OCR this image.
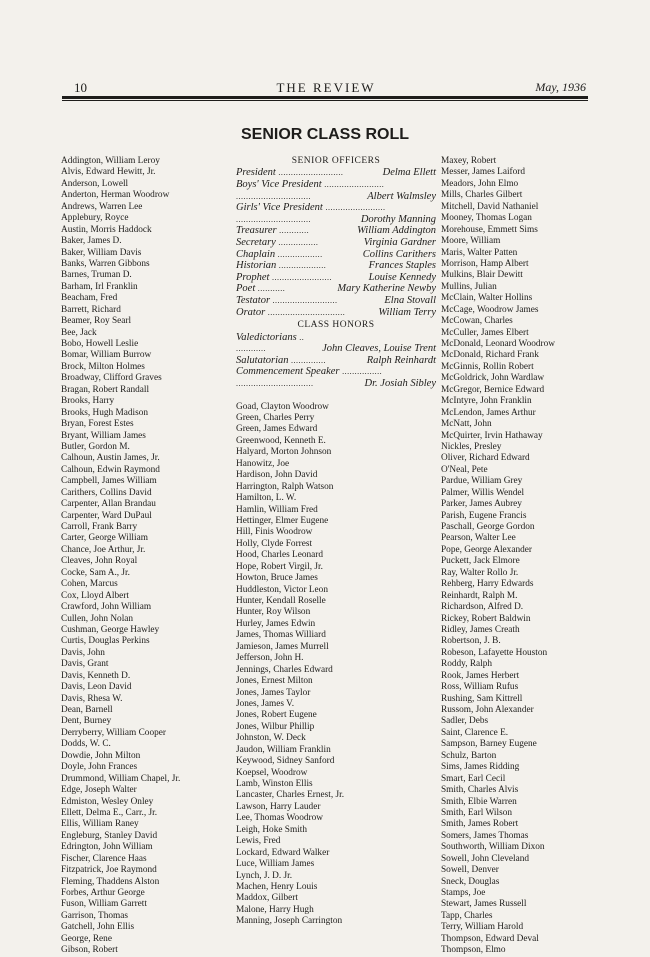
10	THE REVIEW	May, 1936
SENIOR CLASS ROLL
Addington, William Leroy
Alvis, Edward Hewitt, Jr.
Anderson, Lowell
Anderton, Herman Woodrow
Andrews, Warren Lee
Applebury, Royce
Austin, Morris Haddock
Baker, James D.
Baker, William Davis
Banks, Warren Gibbons
Barnes, Truman D.
Barham, Irl Franklin
Beacham, Fred
Barrett, Richard
Beamer, Roy Searl
Bee, Jack
Bobo, Howell Leslie
Bomar, William Burrow
Brock, Milton Holmes
Broadway, Clifford Graves
Bragan, Robert Randall
Brooks, Harry
Brooks, Hugh Madison
Bryan, Forest Estes
Bryant, William James
Butler, Gordon M.
Calhoun, Austin James, Jr.
Calhoun, Edwin Raymond
Campbell, James William
Carithers, Collins David
Carpenter, Allan Brandau
Carpenter, Ward DuPaul
Carroll, Frank Barry
Carter, George William
Chance, Joe Arthur, Jr.
Cleaves, John Royal
Cocke, Sam A., Jr.
Cohen, Marcus
Cox, Lloyd Albert
Crawford, John William
Cullen, John Nolan
Cushman, George Hawley
Curtis, Douglas Perkins
Davis, John
Davis, Grant
Davis, Kenneth D.
Davis, Leon David
Davis, Rhesa W.
Dean, Barnell
Dent, Burney
Derryberry, William Cooper
Dodds, W. C.
Dowdie, John Milton
Doyle, John Frances
Drummond, William Chapel, Jr.
Edge, Joseph Walter
Edmiston, Wesley Onley
Ellett, Delma E., Carr., Jr.
Ellis, William Raney
Engleburg, Stanley David
Edrington, John William
Fischer, Clarence Haas
Fitzpatrick, Joe Raymond
Fleming, Thaddens Alston
Forbes, Arthur George
Fuson, William Garrett
Garrison, Thomas
Gatchell, John Ellis
George, Rene
Gibson, Robert
SENIOR OFFICERS
President ..........................	Delma Ellett
Boys' Vice President ........................
..............................	Albert Walmsley
Girls' Vice President ........................
..............................	Dorothy Manning
Treasurer ............	William Addington
Secretary ................	Virginia Gardner
Chaplain ..................	Collins Carithers
Historian ...................	Frances Staples
Prophet ........................	Louise Kennedy
Poet ...........	Mary Katherine Newby
Testator ..........................	Elna Stovall
Orator ...............................	William Terry
CLASS HONORS
Valedictorians ..
............	John Cleaves, Louise Trent
Salutatorian ..............	Ralph Reinhardt
Commencement Speaker ................
...............................	Dr. Josiah Sibley
Goad, Clayton Woodrow
Green, Charles Perry
Green, James Edward
Greenwood, Kenneth E.
Halyard, Morton Johnson
Hanowitz, Joe
Hardison, John David
Harrington, Ralph Watson
Hamilton, L. W.
Hamlin, William Fred
Hettinger, Elmer Eugene
Hill, Finis Woodrow
Holly, Clyde Forrest
Hood, Charles Leonard
Hope, Robert Virgil, Jr.
Howton, Bruce James
Huddleston, Victor Leon
Hunter, Kendall Roselle
Hunter, Roy Wilson
Hurley, James Edwin
James, Thomas Williard
Jamieson, James Murrell
Jefferson, John H.
Jennings, Charles Edward
Jones, Ernest Milton
Jones, James Taylor
Jones, James V.
Jones, Robert Eugene
Jones, Wilbur Phillip
Johnston, W. Deck
Jaudon, William Franklin
Keywood, Sidney Sanford
Koepsel, Woodrow
Lamb, Winston Ellis
Lancaster, Charles Ernest, Jr.
Lawson, Harry Lauder
Lee, Thomas Woodrow
Leigh, Hoke Smith
Lewis, Fred
Lockard, Edward Walker
Luce, William James
Lynch, J. D. Jr.
Machen, Henry Louis
Maddox, Gilbert
Malone, Harry Hugh
Manning, Joseph Carrington
Maxey, Robert
Messer, James Laiford
Meadors, John Elmo
Mills, Charles Gilbert
Mitchell, David Nathaniel
Mooney, Thomas Logan
Morehouse, Emmett Sims
Moore, William
Maris, Walter Patten
Morrison, Hamp Albert
Mulkins, Blair Dewitt
Mullins, Julian
McClain, Walter Hollins
McCage, Woodrow James
McCowan, Charles
McCuller, James Elbert
McDonald, Leonard Woodrow
McDonald, Richard Frank
McGinnis, Rollin Robert
McGoldrick, John Wardlaw
McGregor, Bernice Edward
McIntyre, John Franklin
McLendon, James Arthur
McNatt, John
McQuirter, Irvin Hathaway
Nickles, Presley
Oliver, Richard Edward
O'Neal, Pete
Pardue, William Grey
Palmer, Willis Wendel
Parker, James Aubrey
Parish, Eugene Francis
Paschall, George Gordon
Pearson, Walter Lee
Pope, George Alexander
Puckett, Jack Elmore
Ray, Walter Rollo Jr.
Rehberg, Harry Edwards
Reinhardt, Ralph M.
Richardson, Alfred D.
Rickey, Robert Baldwin
Ridley, James Creath
Robertson, J. B.
Robeson, Lafayette Houston
Roddy, Ralph
Rook, James Herbert
Ross, William Rufus
Rushing, Sam Kittrell
Russom, John Alexander
Sadler, Debs
Saint, Clarence E.
Sampson, Barney Eugene
Schulz, Barton
Sims, James Ridding
Smart, Earl Cecil
Smith, Charles Alvis
Smith, Elbie Warren
Smith, Earl Wilson
Smith, James Robert
Somers, James Thomas
Southworth, William Dixon
Sowell, John Cleveland
Sowell, Denver
Sneck, Douglas
Stamps, Joe
Stewart, James Russell
Tapp, Charles
Terry, William Harold
Thompson, Edward Deval
Thompson, Elmo
